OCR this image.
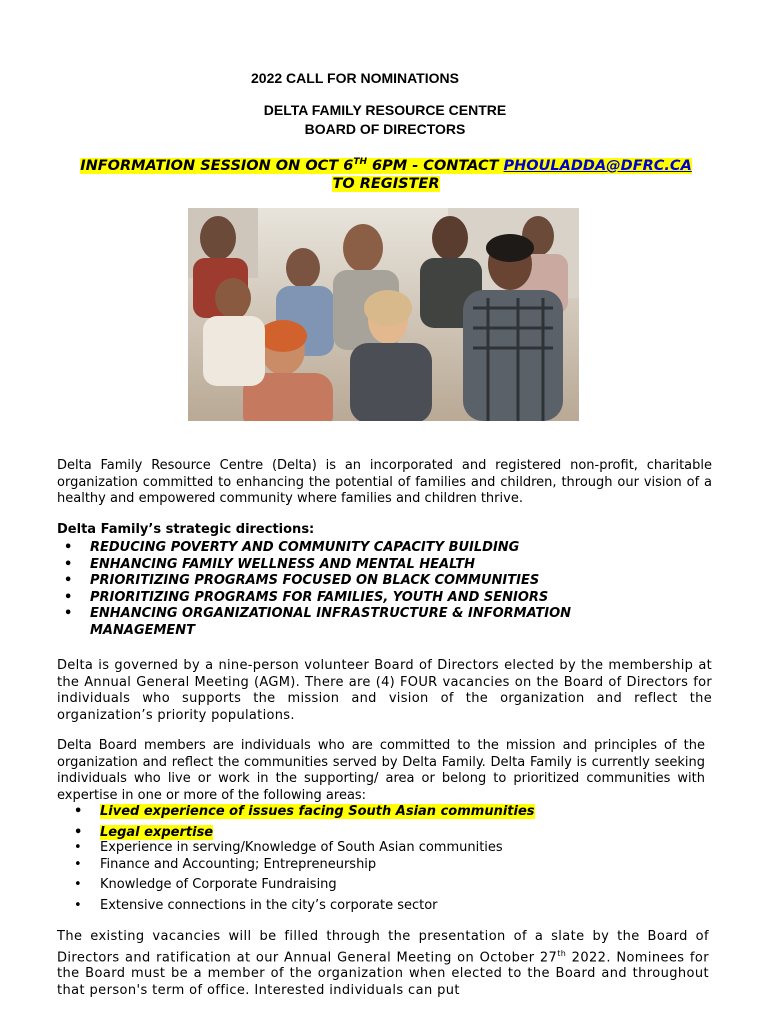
2022 CALL FOR NOMINATIONS
DELTA FAMILY RESOURCE CENTRE
BOARD OF DIRECTORS
INFORMATION SESSION ON OCT 6TH 6PM - CONTACT PHOULADDA@DFRC.CA
TO REGISTER
Delta Family Resource Centre (Delta) is an incorporated and registered non-profit, charitable organization committed to enhancing the potential of families and children, through our vision of a healthy and empowered community where families and children thrive.
Delta Family’s strategic directions:
• REDUCING POVERTY AND COMMUNITY CAPACITY BUILDING
• ENHANCING FAMILY WELLNESS AND MENTAL HEALTH
• PRIORITIZING PROGRAMS FOCUSED ON BLACK COMMUNITIES
• PRIORITIZING PROGRAMS FOR FAMILIES, YOUTH AND SENIORS
• ENHANCING ORGANIZATIONAL INFRASTRUCTURE & INFORMATION MANAGEMENT
Delta is governed by a nine-person volunteer Board of Directors elected by the membership at the Annual General Meeting (AGM). There are (4) FOUR vacancies on the Board of Directors for individuals who supports the mission and vision of the organization and reflect the organization’s priority populations.
Delta Board members are individuals who are committed to the mission and principles of the organization and reflect the communities served by Delta Family. Delta Family is currently seeking individuals who live or work in the supporting/ area or belong to prioritized communities with expertise in one or more of the following areas:
• Lived experience of issues facing South Asian communities
• Legal expertise
• Experience in serving/Knowledge of South Asian communities
• Finance and Accounting; Entrepreneurship
• Knowledge of Corporate Fundraising
• Extensive connections in the city’s corporate sector
The existing vacancies will be filled through the presentation of a slate by the Board of Directors and ratification at our Annual General Meeting on October 27th 2022. Nominees for the Board must be a member of the organization when elected to the Board and throughout that person's term of office. Interested individuals can put
